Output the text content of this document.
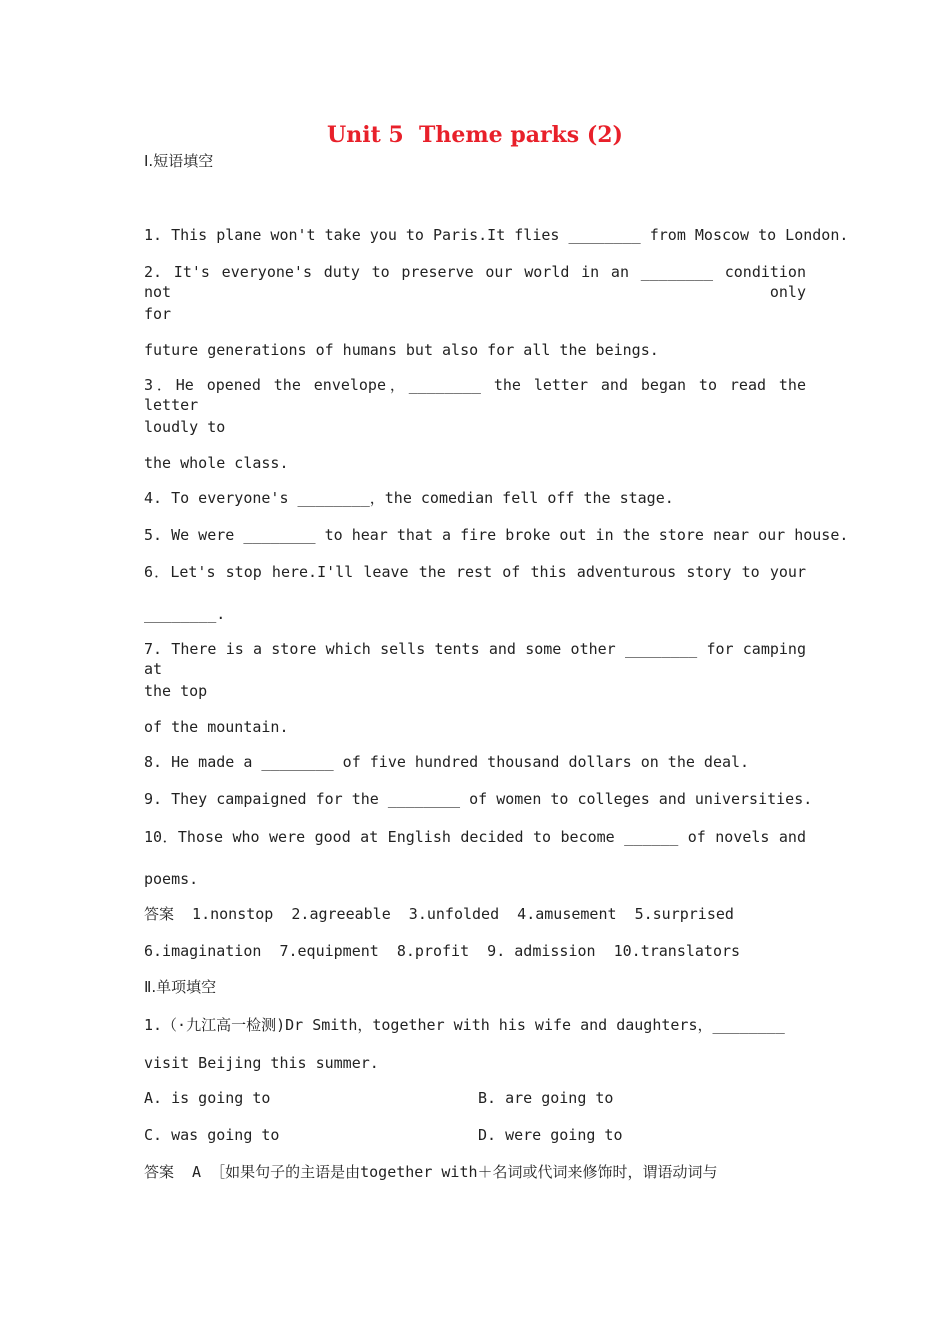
Unit 5  Theme parks (2)
I.短语填空
1. This plane won't take you to Paris.It flies ________ from Moscow to London.
2. It's everyone's duty to preserve our world in an ________ condition not only
for
future generations of humans but also for all the beings.
3．He opened the envelope，________ the letter and began to read the letter
loudly to
the whole class.
4. To everyone's ________，the comedian fell off the stage.
5. We were ________ to hear that a fire broke out in the store near our house.
6．Let's stop here.I'll leave the rest of this adventurous story to your
________.
7. There is a store which sells tents and some other ________ for camping at
the top
of the mountain.
8. He made a ________ of five hundred thousand dollars on the deal.
9. They campaigned for the ________ of women to colleges and universities.
10．Those who were good at English decided to become ______ of novels and
poems.
答案  1.nonstop  2.agreeable  3.unfolded  4.amusement  5.surprised
6.imagination  7.equipment  8.profit  9. admission  10.translators
Ⅱ.单项填空
1.（·九江高一检测)Dr Smith，together with his wife and daughters，________
visit Beijing this summer.
A. is going to	B. are going to
C. was going to	D. were going to
答案  A ［如果句子的主语是由together with＋名词或代词来修饰时，谓语动词与
